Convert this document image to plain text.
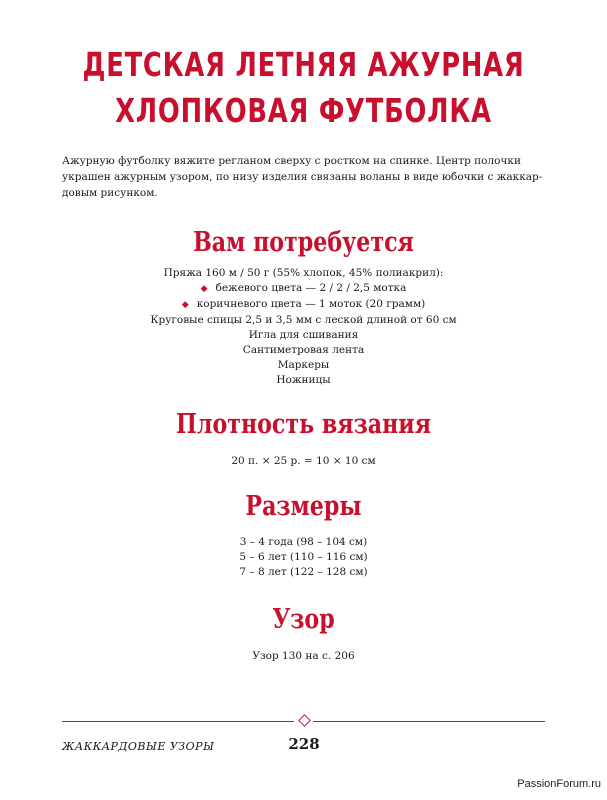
ДЕТСКАЯ ЛЕТНЯЯ АЖУРНАЯ
ХЛОПКОВАЯ ФУТБОЛКА

Ажурную футболку вяжите регланом сверху с ростком на спинке. Центр полочки украшен ажурным узором, по низу изделия связаны воланы в виде юбочки с жаккар-довым рисунком.

Вам потребуется
Пряжа 160 м / 50 г (55% хлопок, 45% полиакрил):
◆ бежевого цвета — 2 / 2 / 2,5 мотка
◆ коричневого цвета — 1 моток (20 грамм)
Круговые спицы 2,5 и 3,5 мм с леской длиной от 60 см
Игла для сшивания
Сантиметровая лента
Маркеры
Ножницы
Плотность вязания
20 п. × 25 р. = 10 × 10 см
Размеры
3 – 4 года (98 – 104 см)
5 – 6 лет (110 – 116 см)
7 – 8 лет (122 – 128 см)
Узор
Узор 130 на с. 206
ЖАККАРДОВЫЕ УЗОРЫ	228
PassionForum.ru
